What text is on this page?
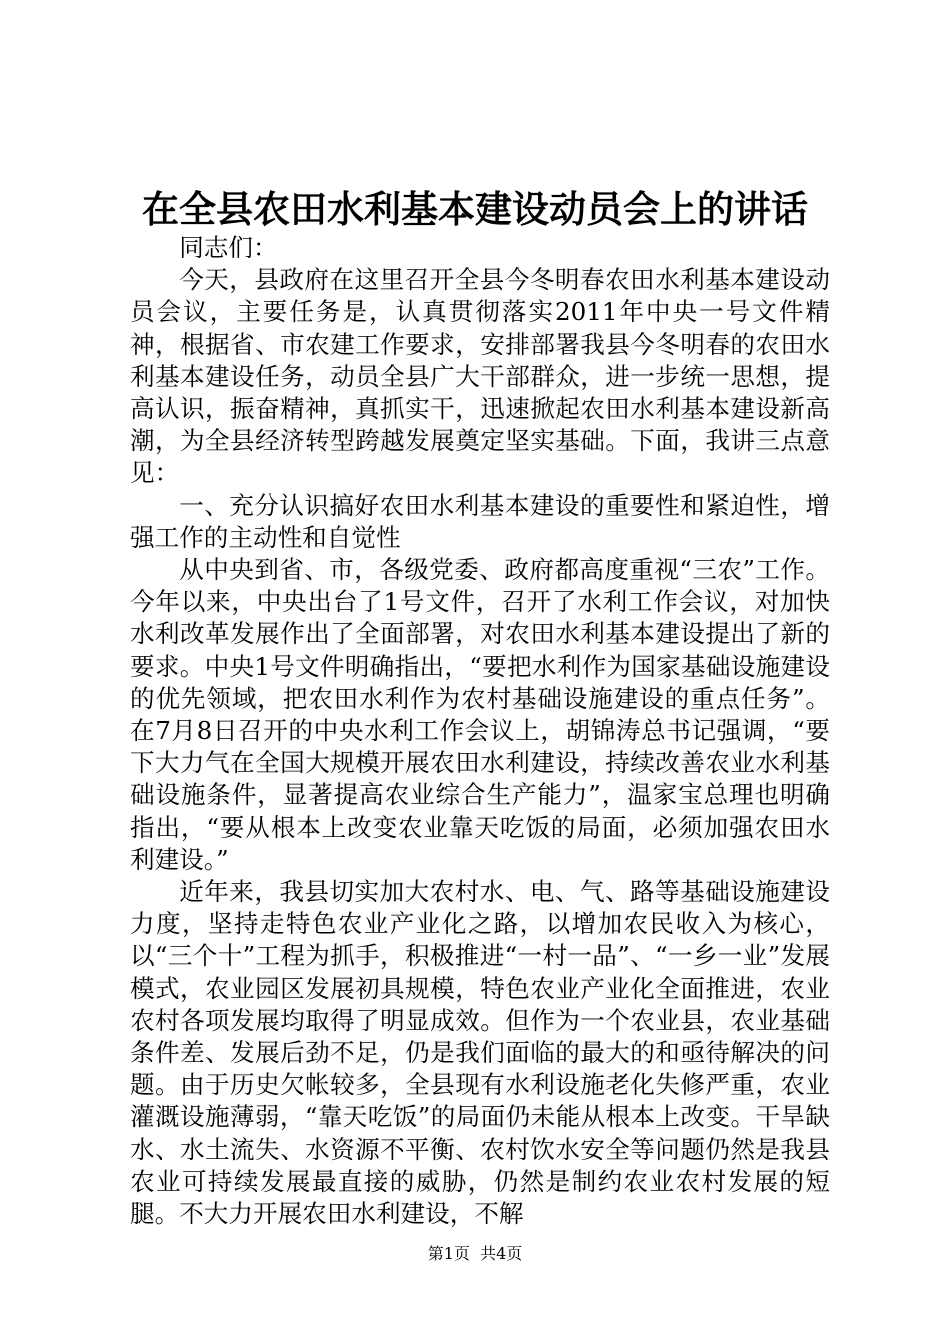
在全县农田水利基本建设动员会上的讲话

同志们：

今天，县政府在这里召开全县今冬明春农田水利基本建设动员会议，主要任务是，认真贯彻落实2011年中央一号文件精神，根据省、市农建工作要求，安排部署我县今冬明春的农田水利基本建设任务，动员全县广大干部群众，进一步统一思想，提高认识，振奋精神，真抓实干，迅速掀起农田水利基本建设新高潮，为全县经济转型跨越发展奠定坚实基础。下面，我讲三点意见：

一、充分认识搞好农田水利基本建设的重要性和紧迫性，增强工作的主动性和自觉性

从中央到省、市，各级党委、政府都高度重视“三农”工作。今年以来，中央出台了1号文件，召开了水利工作会议，对加快水利改革发展作出了全面部署，对农田水利基本建设提出了新的要求。中央1号文件明确指出，“要把水利作为国家基础设施建设的优先领域，把农田水利作为农村基础设施建设的重点任务”。在7月8日召开的中央水利工作会议上，胡锦涛总书记强调，“要下大力气在全国大规模开展农田水利建设，持续改善农业水利基础设施条件，显著提高农业综合生产能力”，温家宝总理也明确指出，“要从根本上改变农业靠天吃饭的局面，必须加强农田水利建设。”

近年来，我县切实加大农村水、电、气、路等基础设施建设力度，坚持走特色农业产业化之路，以增加农民收入为核心，以“三个十”工程为抓手，积极推进“一村一品”、“一乡一业”发展模式，农业园区发展初具规模，特色农业产业化全面推进，农业农村各项发展均取得了明显成效。但作为一个农业县，农业基础条件差、发展后劲不足，仍是我们面临的最大的和亟待解决的问题。由于历史欠帐较多，全县现有水利设施老化失修严重，农业灌溉设施薄弱，“靠天吃饭”的局面仍未能从根本上改变。干旱缺水、水土流失、水资源不平衡、农村饮水安全等问题仍然是我县农业可持续发展最直接的威胁，仍然是制约农业农村发展的短腿。不大力开展农田水利建设，不解

第1页  共4页
